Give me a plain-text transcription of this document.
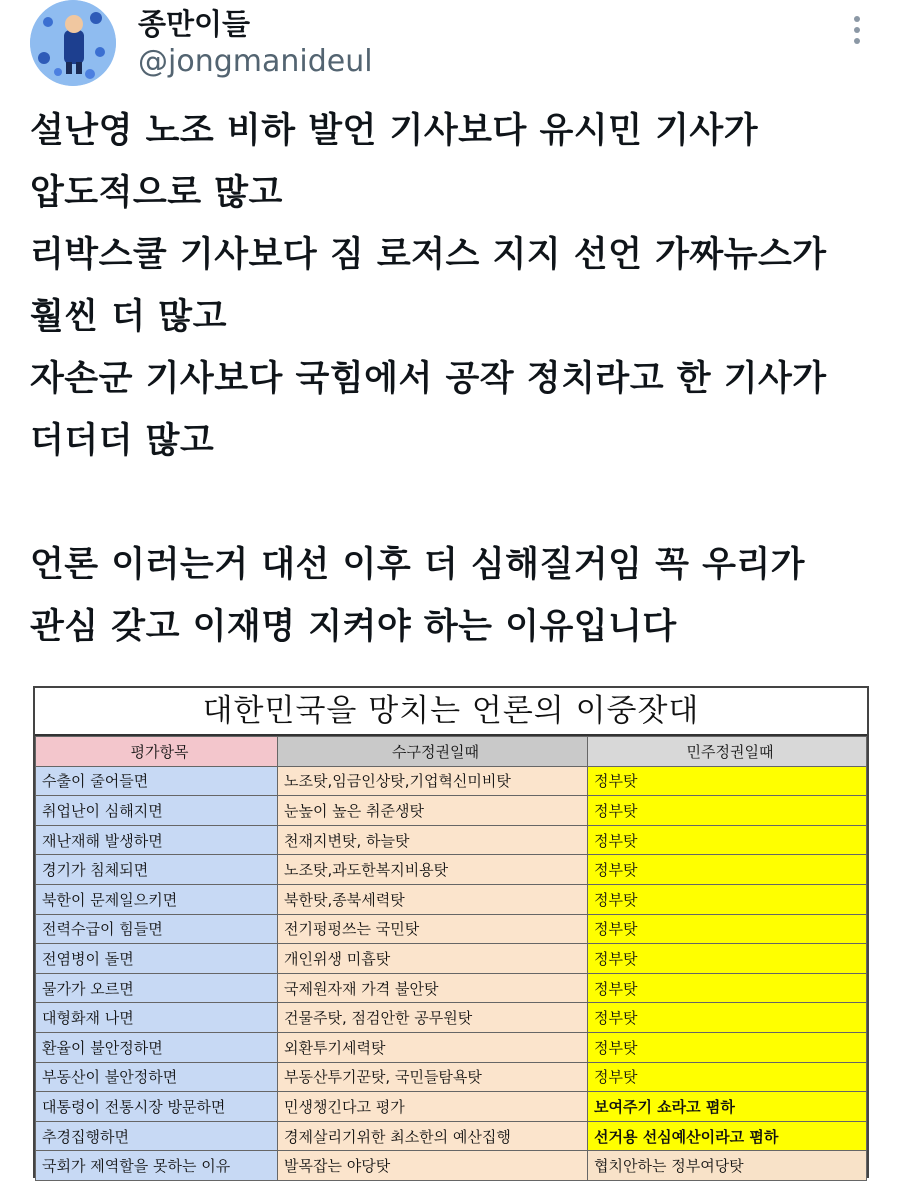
종만이들
@jongmanideul
설난영 노조 비하 발언 기사보다 유시민 기사가
압도적으로 많고
리박스쿨 기사보다 짐 로저스 지지 선언 가짜뉴스가
훨씬 더 많고
자손군 기사보다 국힘에서 공작 정치라고 한 기사가
더더더 많고
언론 이러는거 대선 이후 더 심해질거임 꼭 우리가
관심 갖고 이재명 지켜야 하는 이유입니다
대한민국을 망치는 언론의 이중잣대
평가항목	수구정권일때	민주정권일때
수출이 줄어들면	노조탓,임금인상탓,기업혁신미비탓	정부탓
취업난이 심해지면	눈높이 높은 취준생탓	정부탓
재난재해 발생하면	천재지변탓, 하늘탓	정부탓
경기가 침체되면	노조탓,과도한복지비용탓	정부탓
북한이 문제일으키면	북한탓,종북세력탓	정부탓
전력수급이 힘들면	전기펑펑쓰는 국민탓	정부탓
전염병이 돌면	개인위생 미흡탓	정부탓
물가가 오르면	국제원자재 가격 불안탓	정부탓
대형화재 나면	건물주탓, 점검안한 공무원탓	정부탓
환율이 불안정하면	외환투기세력탓	정부탓
부동산이 불안정하면	부동산투기꾼탓, 국민들탐욕탓	정부탓
대통령이 전통시장 방문하면	민생챙긴다고 평가	보여주기 쇼라고 폄하
추경집행하면	경제살리기위한 최소한의 예산집행	선거용 선심예산이라고 폄하
국회가 제역할을 못하는 이유	발목잡는 야당탓	협치안하는 정부여당탓
